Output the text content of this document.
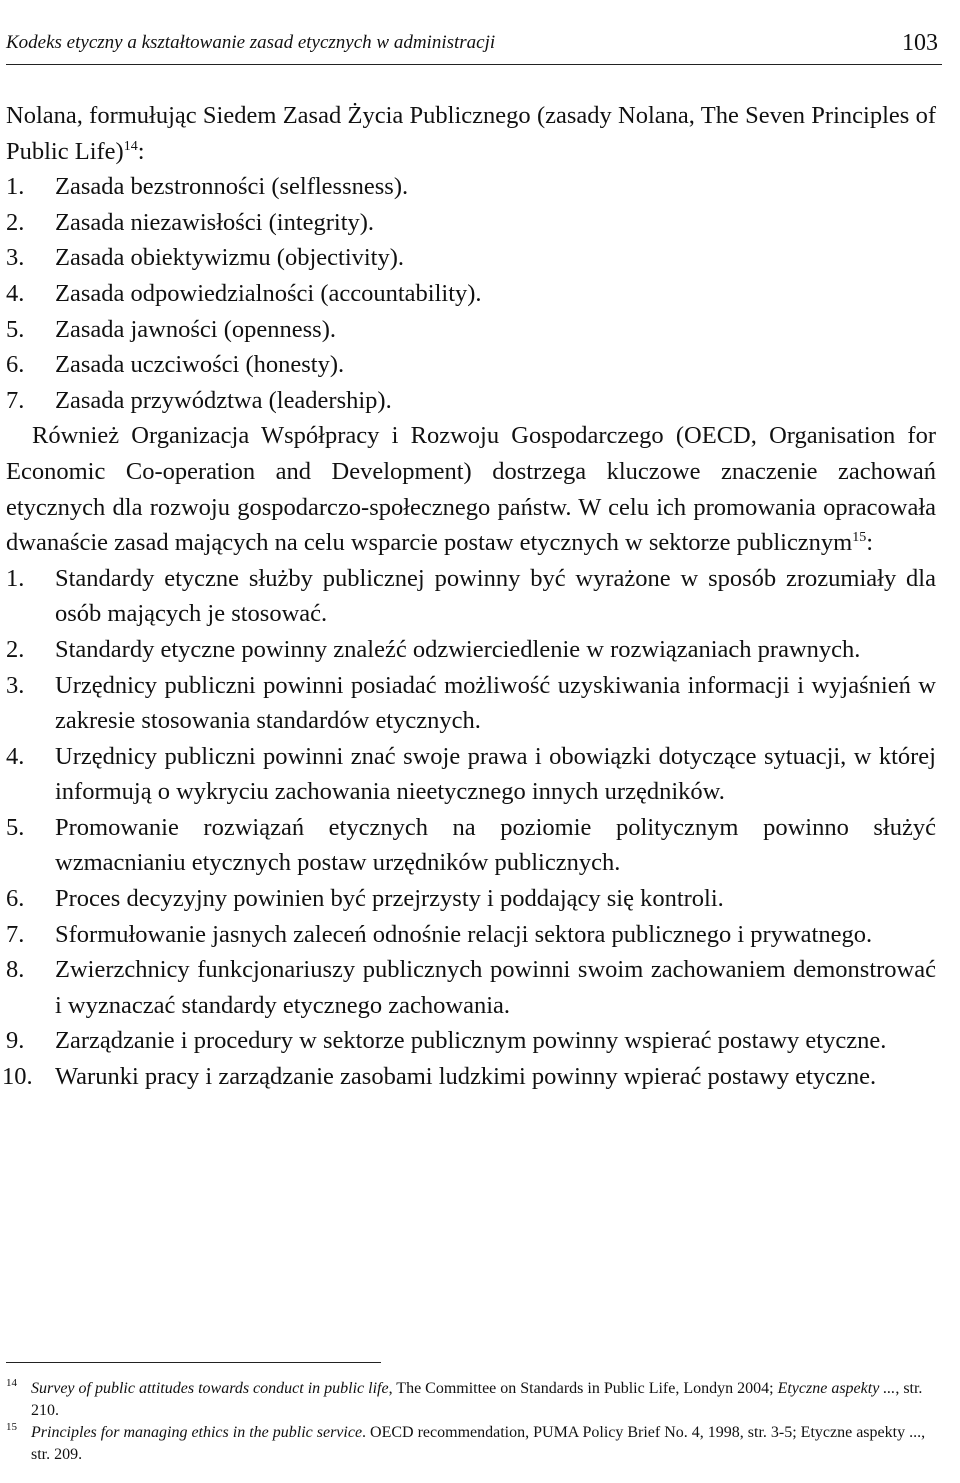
Kodeks etyczny a kształtowanie zasad etycznych w administracji	103

Nolana, formułując Siedem Zasad Życia Publicznego (zasady Nolana, The Seven Principles of Public Life)$^{14}$:

1. Zasada bezstronności (selflessness).

2. Zasada niezawisłości (integrity).

3. Zasada obiektywizmu (objectivity).

4. Zasada odpowiedzialności (accountability).

5. Zasada jawności (openness).

6. Zasada uczciwości (honesty).

7. Zasada przywództwa (leadership).

Również Organizacja Współpracy i Rozwoju Gospodarczego (OECD, Organisation for Economic Co-operation and Development) dostrzega kluczowe znaczenie zachowań etycznych dla rozwoju gospodarczo-społecznego państw. W celu ich promowania opracowała dwanaście zasad mających na celu wsparcie postaw etycznych w sektorze publicznym$^{15}$:

1. Standardy etyczne służby publicznej powinny być wyrażone w sposób zrozumiały dla osób mających je stosować.

2. Standardy etyczne powinny znaleźć odzwierciedlenie w rozwiązaniach prawnych.

3. Urzędnicy publiczni powinni posiadać możliwość uzyskiwania informacji i wyjaśnień w zakresie stosowania standardów etycznych.

4. Urzędnicy publiczni powinni znać swoje prawa i obowiązki dotyczące sytuacji, w której informują o wykryciu zachowania nieetycznego innych urzędników.

5. Promowanie rozwiązań etycznych na poziomie politycznym powinno służyć wzmacnianiu etycznych postaw urzędników publicznych.

6. Proces decyzyjny powinien być przejrzysty i poddający się kontroli.

7. Sformułowanie jasnych zaleceń odnośnie relacji sektora publicznego i prywatnego.

8. Zwierzchnicy funkcjonariuszy publicznych powinni swoim zachowaniem demonstrować i wyznaczać standardy etycznego zachowania.

9. Zarządzanie i procedury w sektorze publicznym powinny wspierać postawy etyczne.

10. Warunki pracy i zarządzanie zasobami ludzkimi powinny wpierać postawy etyczne.

14 Survey of public attitudes towards conduct in public life, The Committee on Standards in Public Life, Londyn 2004; Etyczne aspekty ..., str. 210.

15 Principles for managing ethics in the public service. OECD recommendation, PUMA Policy Brief No. 4, 1998, str. 3-5; Etyczne aspekty ..., str. 209.
